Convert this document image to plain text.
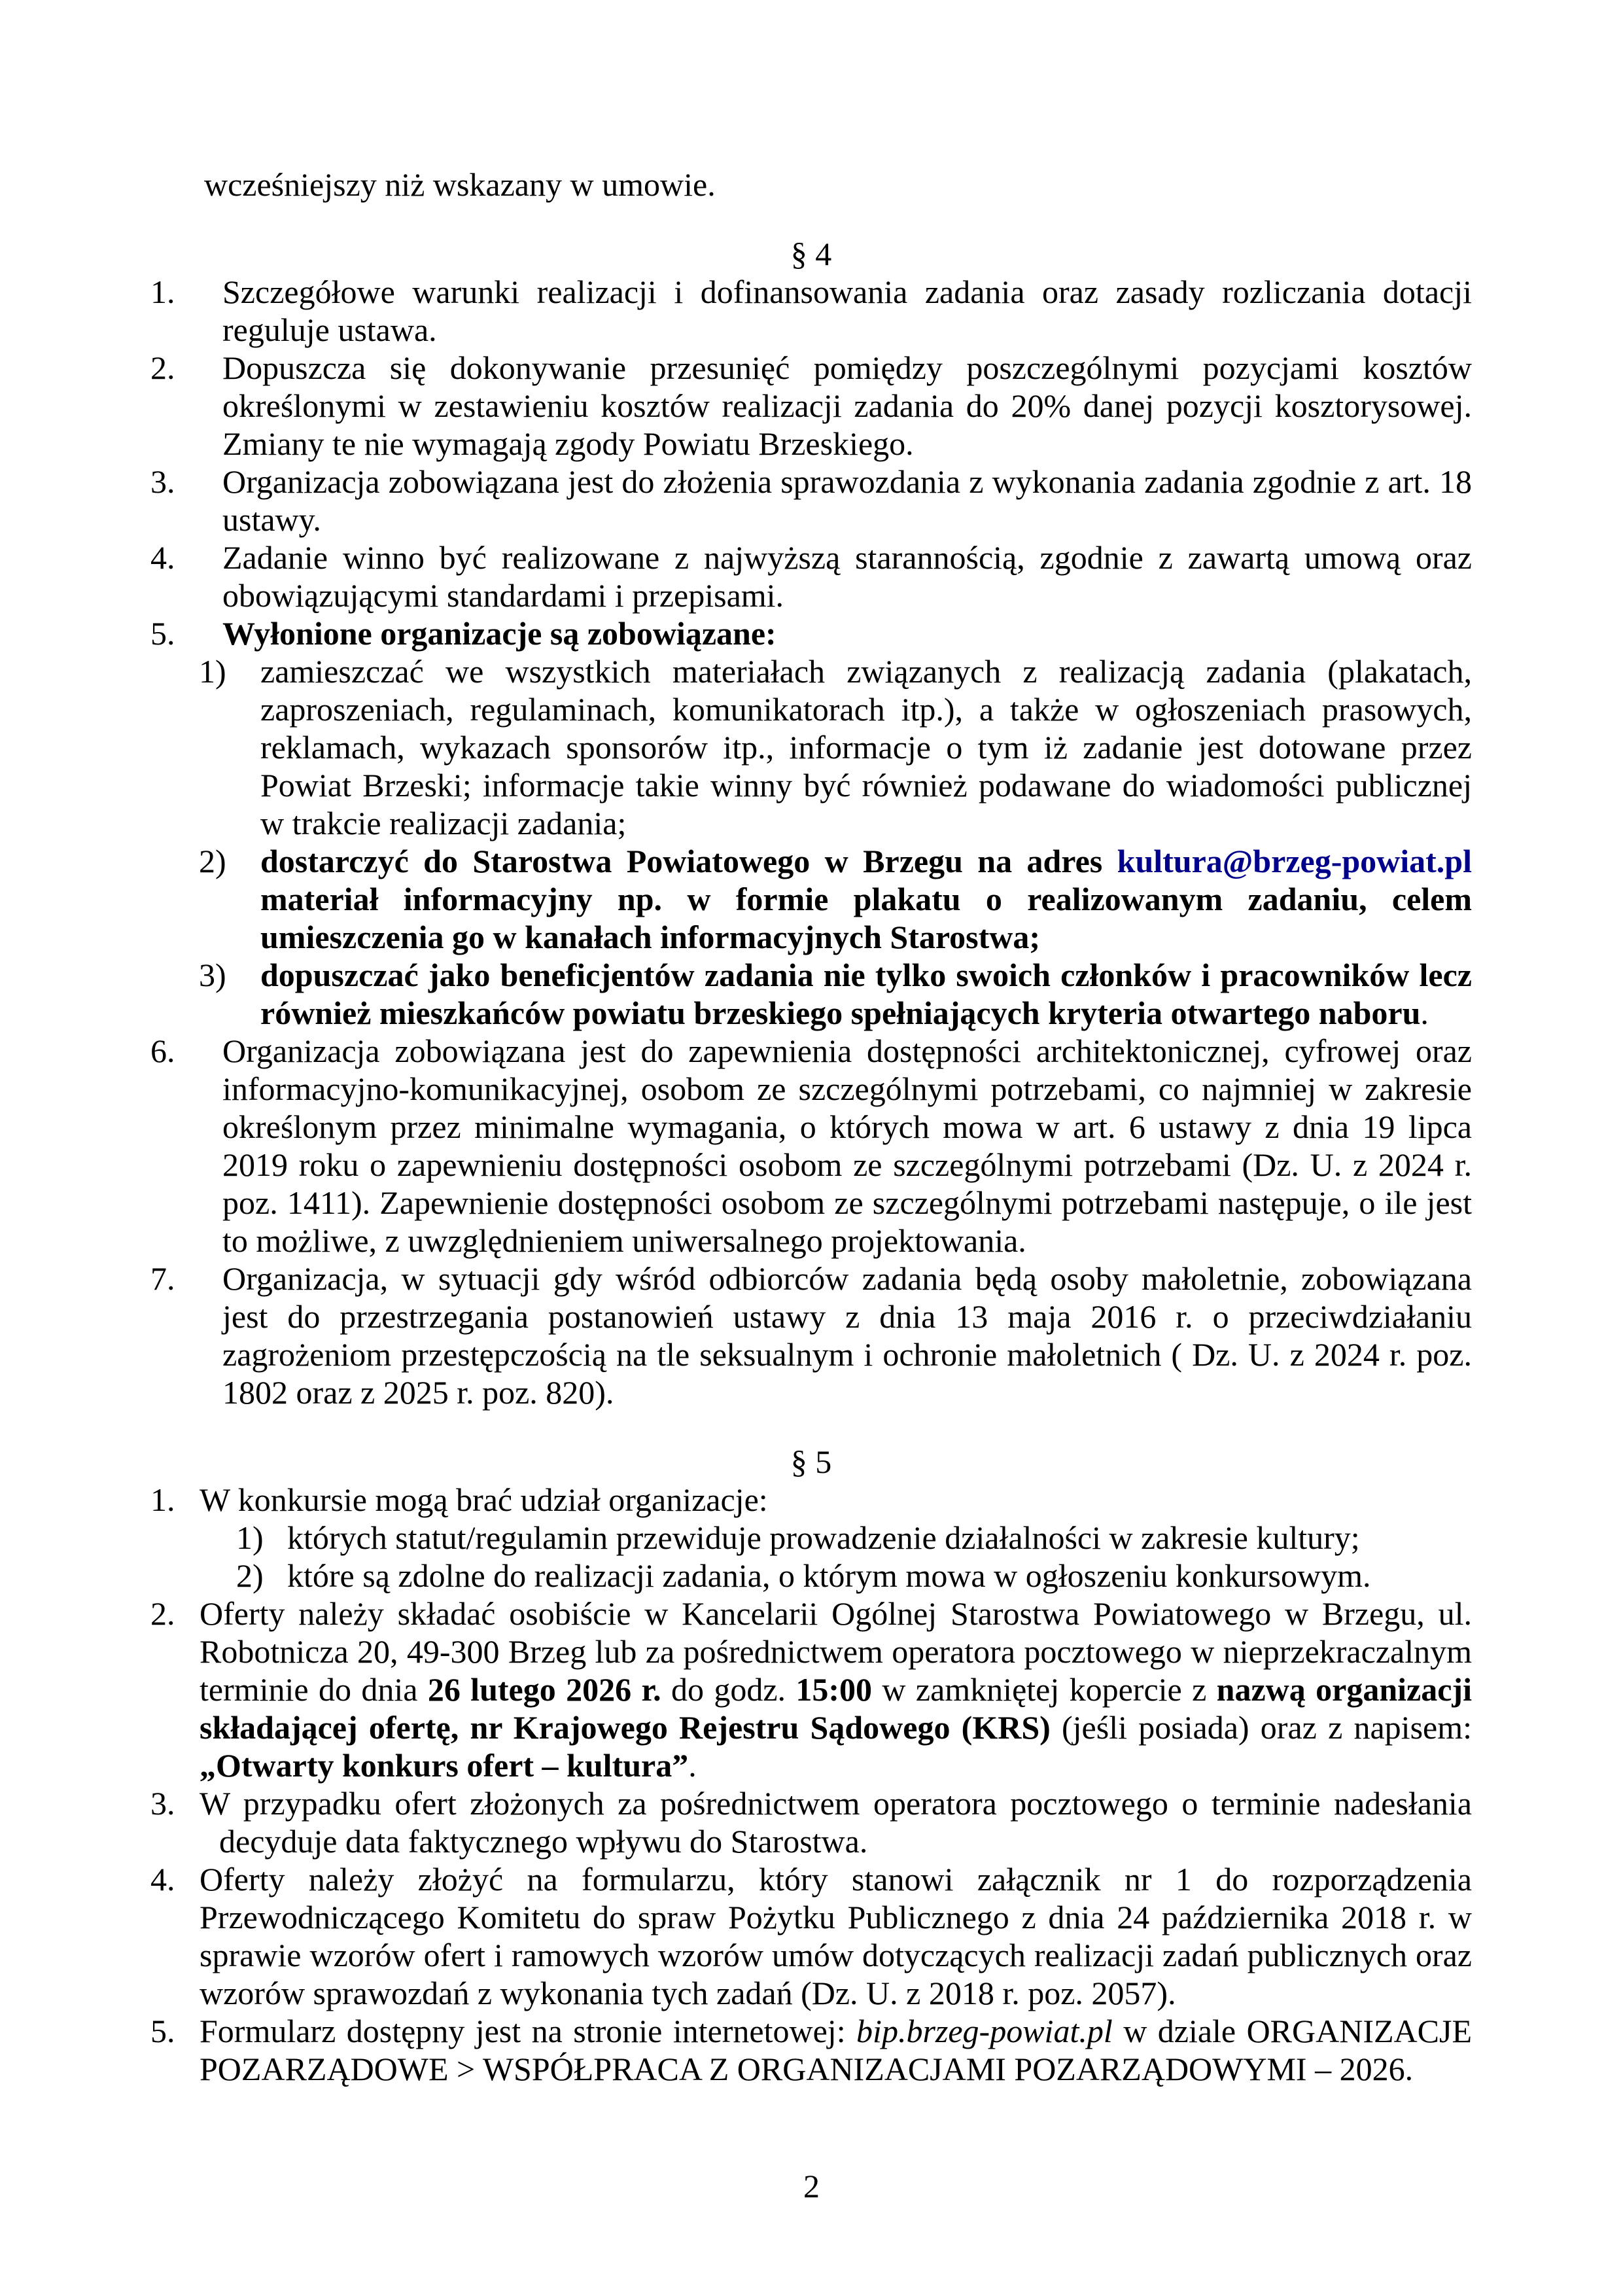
wcześniejszy niż wskazany w umowie.

§ 4
1.	Szczegółowe warunki realizacji i dofinansowania zadania oraz zasady rozliczania dotacji reguluje ustawa.
2.	Dopuszcza się dokonywanie przesunięć pomiędzy poszczególnymi pozycjami kosztów określonymi w zestawieniu kosztów realizacji zadania do 20% danej pozycji kosztorysowej. Zmiany te nie wymagają zgody Powiatu Brzeskiego.
3.	Organizacja zobowiązana jest do złożenia sprawozdania z wykonania zadania zgodnie z art. 18 ustawy.
4.	Zadanie winno być realizowane z najwyższą starannością, zgodnie z zawartą umową oraz obowiązującymi standardami i przepisami.
5.	Wyłonione organizacje są zobowiązane:
1)	zamieszczać we wszystkich materiałach związanych z realizacją zadania (plakatach, zaproszeniach, regulaminach, komunikatorach itp.), a także w ogłoszeniach prasowych, reklamach, wykazach sponsorów itp., informacje o tym iż zadanie jest dotowane przez Powiat Brzeski; informacje takie winny być również podawane do wiadomości publicznej w trakcie realizacji zadania;
2)	dostarczyć do Starostwa Powiatowego w Brzegu na adres kultura@brzeg-powiat.pl materiał informacyjny np. w formie plakatu o realizowanym zadaniu, celem umieszczenia go w kanałach informacyjnych Starostwa;
3)	dopuszczać jako beneficjentów zadania nie tylko swoich członków i pracowników lecz również mieszkańców powiatu brzeskiego spełniających kryteria otwartego naboru.
6.	Organizacja zobowiązana jest do zapewnienia dostępności architektonicznej, cyfrowej oraz informacyjno-komunikacyjnej, osobom ze szczególnymi potrzebami, co najmniej w zakresie określonym przez minimalne wymagania, o których mowa w art. 6 ustawy z dnia 19 lipca 2019 roku o zapewnieniu dostępności osobom ze szczególnymi potrzebami (Dz. U. z 2024 r. poz. 1411). Zapewnienie dostępności osobom ze szczególnymi potrzebami następuje, o ile jest to możliwe, z uwzględnieniem uniwersalnego projektowania.
7.	Organizacja, w sytuacji gdy wśród odbiorców zadania będą osoby małoletnie, zobowiązana jest do przestrzegania postanowień ustawy z dnia 13 maja 2016 r. o przeciwdziałaniu zagrożeniom przestępczością na tle seksualnym i ochronie małoletnich ( Dz. U. z 2024 r. poz. 1802 oraz z 2025 r. poz. 820).
§ 5
1. W konkursie mogą brać udział organizacje:
1) których statut/regulamin przewiduje prowadzenie działalności w zakresie kultury;
2) które są zdolne do realizacji zadania, o którym mowa w ogłoszeniu konkursowym.
2. Oferty należy składać osobiście w Kancelarii Ogólnej Starostwa Powiatowego w Brzegu, ul. Robotnicza 20, 49-300 Brzeg lub za pośrednictwem operatora pocztowego w nieprzekraczalnym terminie do dnia 26 lutego 2026 r. do godz. 15:00 w zamkniętej kopercie z nazwą organizacji składającej ofertę, nr Krajowego Rejestru Sądowego (KRS) (jeśli posiada) oraz z napisem: „Otwarty konkurs ofert – kultura”.
3. W przypadku ofert złożonych za pośrednictwem operatora pocztowego o terminie nadesłania decyduje data faktycznego wpływu do Starostwa.
4. Oferty należy złożyć na formularzu, który stanowi załącznik nr 1 do rozporządzenia Przewodniczącego Komitetu do spraw Pożytku Publicznego z dnia 24 października 2018 r. w sprawie wzorów ofert i ramowych wzorów umów dotyczących realizacji zadań publicznych oraz wzorów sprawozdań z wykonania tych zadań (Dz. U. z 2018 r. poz. 2057).
5. Formularz dostępny jest na stronie internetowej: bip.brzeg-powiat.pl w dziale ORGANIZACJE POZARZĄDOWE > WSPÓŁPRACA Z ORGANIZACJAMI POZARZĄDOWYMI – 2026.
2
